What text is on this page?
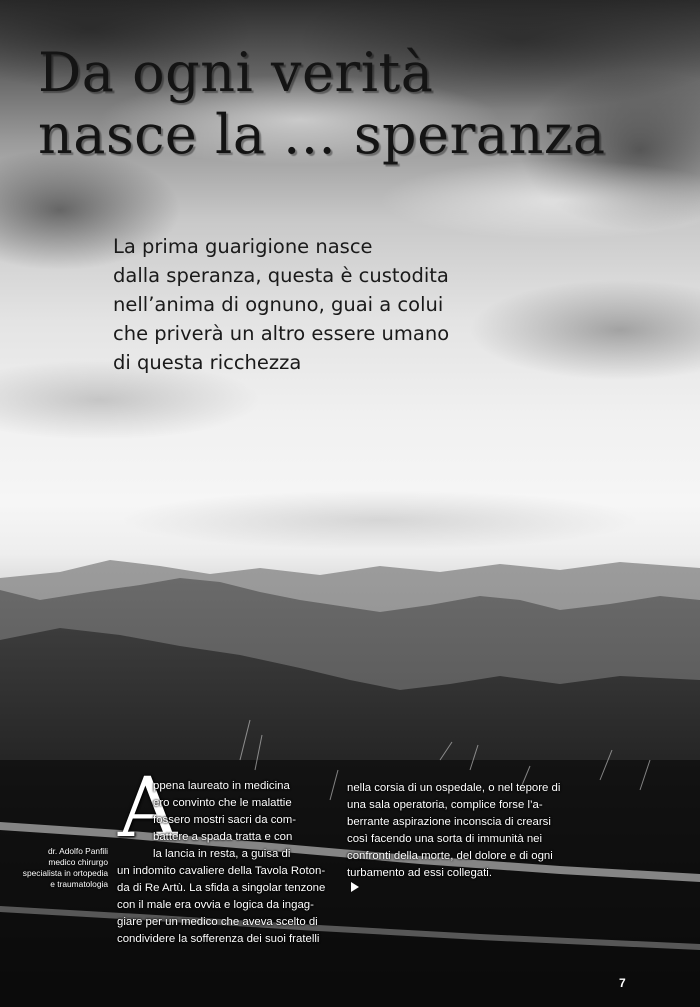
Da ogni verità
nasce la ... speranza
La prima guarigione nasce
dalla speranza, questa è custodita
nell’anima di ognuno, guai a colui
che priverà un altro essere umano
di questa ricchezza
A
ppena laureato in medicina
ero convinto che le malattie
fossero mostri sacri da com-
battere a spada tratta e con
la lancia in resta, a guisa di
un indomito cavaliere della Tavola Roton-
da di Re Artù. La sfida a singolar tenzone
con il male era ovvia e logica da ingag-
giare per un medico che aveva scelto di
condividere la sofferenza dei suoi fratelli
nella corsia di un ospedale, o nel tepore di
una sala operatoria, complice forse l’a-
berrante aspirazione inconscia di crearsi
così facendo una sorta di immunità nei
confronti della morte, del dolore e di ogni
turbamento ad essi collegati.
dr. Adolfo Panfili
medico chirurgo
specialista in ortopedia
e traumatologia
7
